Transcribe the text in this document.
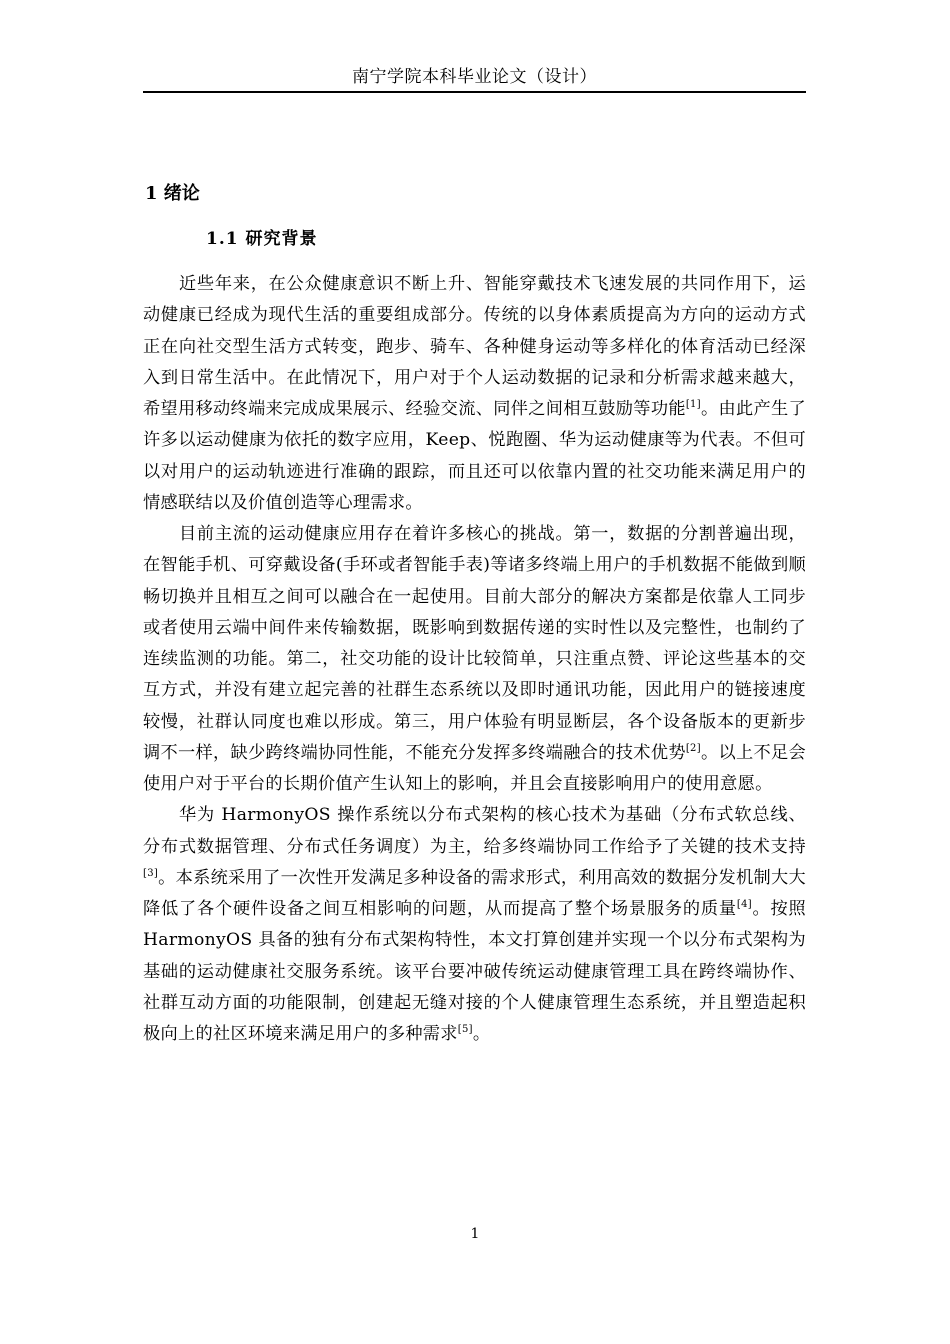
南宁学院本科毕业论文（设计）
1 绪论
1.1 研究背景

近些年来，在公众健康意识不断上升、智能穿戴技术飞速发展的共同作用下，运动健康已经成为现代生活的重要组成部分。传统的以身体素质提高为方向的运动方式正在向社交型生活方式转变，跑步、骑车、各种健身运动等多样化的体育活动已经深入到日常生活中。在此情况下，用户对于个人运动数据的记录和分析需求越来越大，希望用移动终端来完成成果展示、经验交流、同伴之间相互鼓励等功能[1]。由此产生了许多以运动健康为依托的数字应用，Keep、悦跑圈、华为运动健康等为代表。不但可以对用户的运动轨迹进行准确的跟踪，而且还可以依靠内置的社交功能来满足用户的情感联结以及价值创造等心理需求。

目前主流的运动健康应用存在着许多核心的挑战。第一，数据的分割普遍出现，在智能手机、可穿戴设备(手环或者智能手表)等诸多终端上用户的手机数据不能做到顺畅切换并且相互之间可以融合在一起使用。目前大部分的解决方案都是依靠人工同步或者使用云端中间件来传输数据，既影响到数据传递的实时性以及完整性，也制约了连续监测的功能。第二，社交功能的设计比较简单，只注重点赞、评论这些基本的交互方式，并没有建立起完善的社群生态系统以及即时通讯功能，因此用户的链接速度较慢，社群认同度也难以形成。第三，用户体验有明显断层，各个设备版本的更新步调不一样，缺少跨终端协同性能，不能充分发挥多终端融合的技术优势[2]。以上不足会使用户对于平台的长期价值产生认知上的影响，并且会直接影响用户的使用意愿。

华为 HarmonyOS 操作系统以分布式架构的核心技术为基础（分布式软总线、分布式数据管理、分布式任务调度）为主，给多终端协同工作给予了关键的技术支持[3]。本系统采用了一次性开发满足多种设备的需求形式，利用高效的数据分发机制大大降低了各个硬件设备之间互相影响的问题，从而提高了整个场景服务的质量[4]。按照 HarmonyOS 具备的独有分布式架构特性，本文打算创建并实现一个以分布式架构为基础的运动健康社交服务系统。该平台要冲破传统运动健康管理工具在跨终端协作、社群互动方面的功能限制，创建起无缝对接的个人健康管理生态系统，并且塑造起积极向上的社区环境来满足用户的多种需求[5]。

1
